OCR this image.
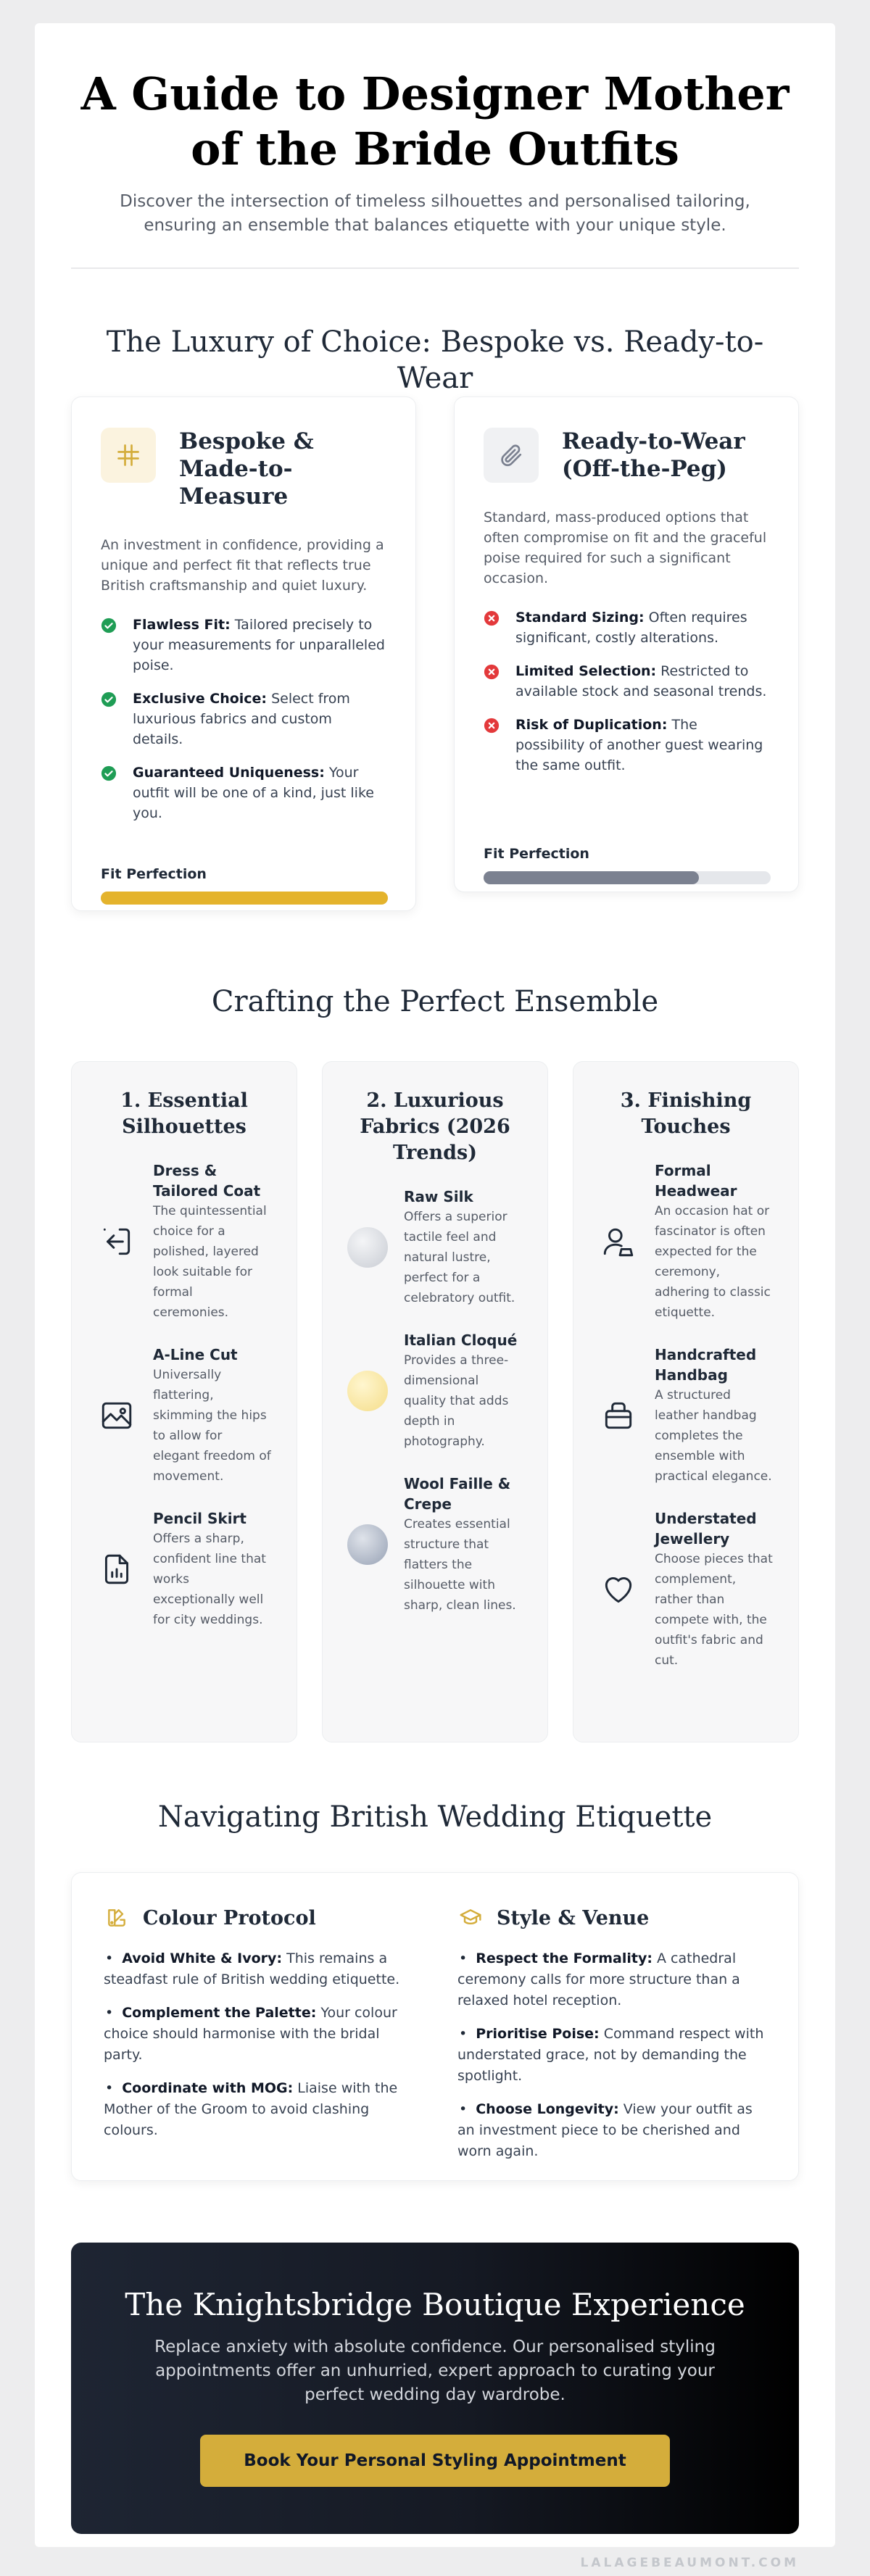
A Guide to Designer Mother of the Bride Outfits

Discover the intersection of timeless silhouettes and personalised tailoring, ensuring an ensemble that balances etiquette with your unique style.

The Luxury of Choice: Bespoke vs. Ready-to-Wear
Bespoke & Made-to-Measure

An investment in confidence, providing a unique and perfect fit that reflects true British craftsmanship and quiet luxury.

Flawless Fit: Tailored precisely to your measurements for unparalleled poise.
Exclusive Choice: Select from luxurious fabrics and custom details.
Guaranteed Uniqueness: Your outfit will be one of a kind, just like you.
Fit Perfection
Ready-to-Wear (Off-the-Peg)

Standard, mass-produced options that often compromise on fit and the graceful poise required for such a significant occasion.

Standard Sizing: Often requires significant, costly alterations.
Limited Selection: Restricted to available stock and seasonal trends.
Risk of Duplication: The possibility of another guest wearing the same outfit.
Fit Perfection
Crafting the Perfect Ensemble
1. Essential Silhouettes
Dress & Tailored Coat
The quintessential choice for a polished, layered look suitable for formal ceremonies.
A-Line Cut
Universally flattering, skimming the hips to allow for elegant freedom of movement.
Pencil Skirt
Offers a sharp, confident line that works exceptionally well for city weddings.
2. Luxurious Fabrics (2026 Trends)
Raw Silk
Offers a superior tactile feel and natural lustre, perfect for a celebratory outfit.
Italian Cloqué
Provides a three-dimensional quality that adds depth in photography.
Wool Faille & Crepe
Creates essential structure that flatters the silhouette with sharp, clean lines.
3. Finishing Touches
Formal Headwear
An occasion hat or fascinator is often expected for the ceremony, adhering to classic etiquette.
Handcrafted Handbag
A structured leather handbag completes the ensemble with practical elegance.
Understated Jewellery
Choose pieces that complement, rather than compete with, the outfit's fabric and cut.
Navigating British Wedding Etiquette
Colour Protocol
• Avoid White & Ivory: This remains a steadfast rule of British wedding etiquette.
• Complement the Palette: Your colour choice should harmonise with the bridal party.
• Coordinate with MOG: Liaise with the Mother of the Groom to avoid clashing colours.
Style & Venue
• Respect the Formality: A cathedral ceremony calls for more structure than a relaxed hotel reception.
• Prioritise Poise: Command respect with understated grace, not by demanding the spotlight.
• Choose Longevity: View your outfit as an investment piece to be cherished and worn again.
The Knightsbridge Boutique Experience

Replace anxiety with absolute confidence. Our personalised styling appointments offer an unhurried, expert approach to curating your perfect wedding day wardrobe.

Book Your Personal Styling Appointment
LALAGEBEAUMONT.COM
